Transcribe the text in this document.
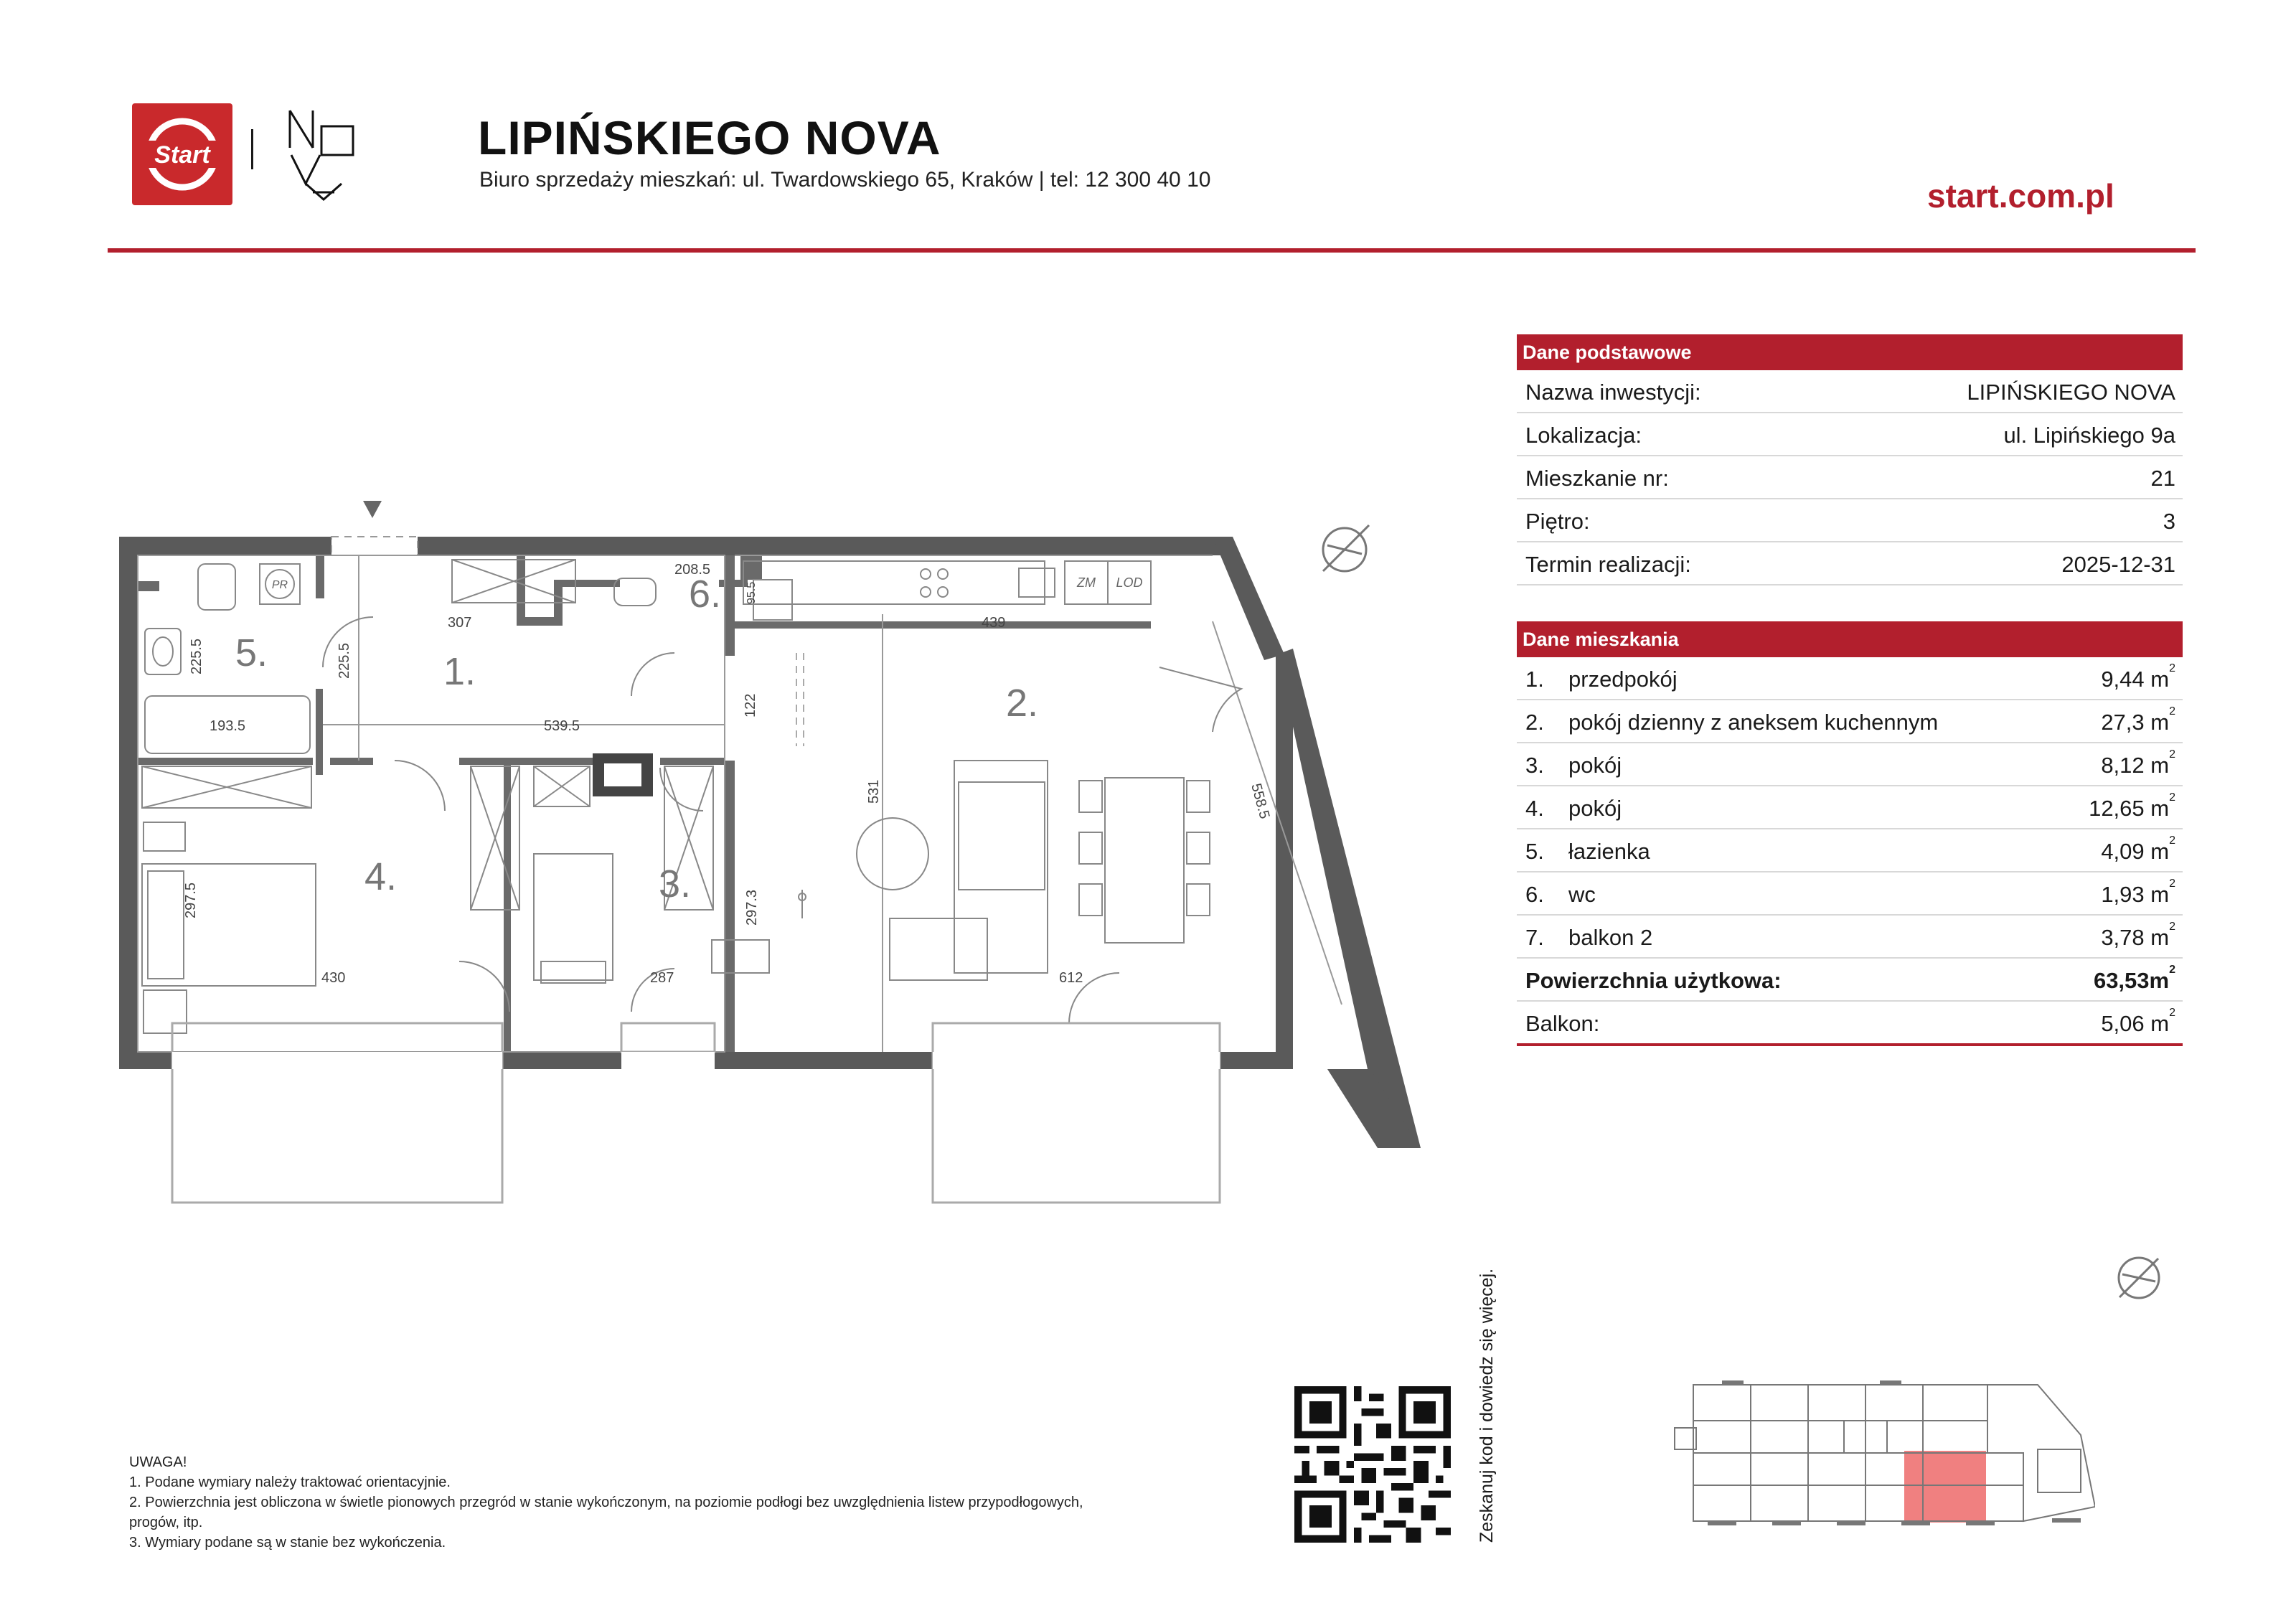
Start	LIPIŃSKIEGO NOVA
Biuro sprzedaży mieszkań: ul. Twardowskiego 65, Kraków | tel: 12 300 40 10	start.com.pl
Dane podstawowe
Nazwa inwestycji:	LIPIŃSKIEGO NOVA
Lokalizacja:	ul. Lipińskiego 9a
Mieszkanie nr:	21
Piętro:	3
Termin realizacji:	2025-12-31
Dane mieszkania
1. przedpokój	9,44 $m^2$
2. pokój dzienny z aneksem kuchennym	27,3 $m^2$
3. pokój	8,12 $m^2$
4. pokój	12,65 $m^2$
5. łazienka	4,09 $m^2$
6. wc	1,93 $m^2$
7. balkon 2	3,78 $m^2$
Powierzchnia użytkowa:	$63,53m^2$
Balkon:	5,06 $m^2$
ZM LOD
PR
5.	1.
2.
3.
4.
6.
307
208.5
439
225.5	225.5
193.5	539.5
122
531	558.5
297.5	297.3
430	287	612
95.5
Zeskanuj kod i dowiedz się więcej.
UWAGA!
1. Podane wymiary należy traktować orientacyjnie.
2. Powierzchnia jest obliczona w świetle pionowych przegród w stanie wykończonym, na poziomie podłogi bez uwzględnienia listew przypodłogowych,
progów, itp.
3. Wymiary podane są w stanie bez wykończenia.
